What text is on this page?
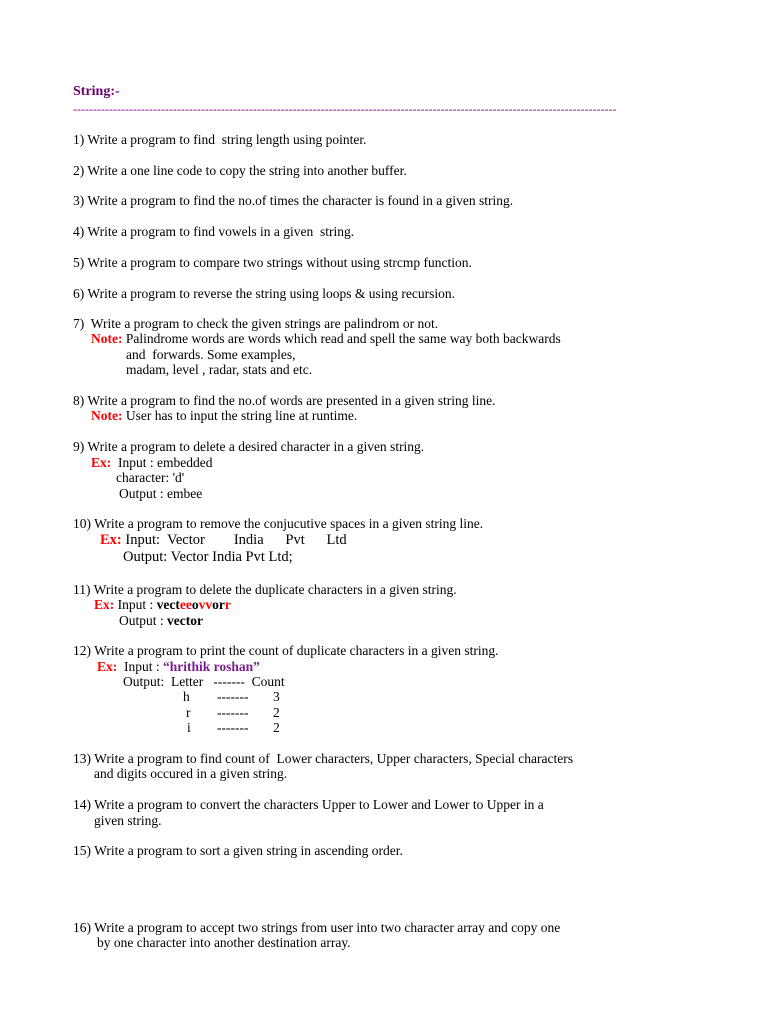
String:-
----------------------------------------------------------------------------------------------------------------------------------------
1) Write a program to find  string length using pointer.
2) Write a one line code to copy the string into another buffer.
3) Write a program to find the no.of times the character is found in a given string.
4) Write a program to find vowels in a given  string.
5) Write a program to compare two strings without using strcmp function.
6) Write a program to reverse the string using loops & using recursion.
7)  Write a program to check the given strings are palindrom or not.
Note: Palindrome words are words which read and spell the same way both backwards
and  forwards. Some examples,
madam, level , radar, stats and etc.
8) Write a program to find the no.of words are presented in a given string line.
Note: User has to input the string line at runtime.
9) Write a program to delete a desired character in a given string.
Ex:  Input : embedded
character: 'd'
Output : embee
10) Write a program to remove the conjucutive spaces in a given string line.
Ex: Input:  Vector        India      Pvt      Ltd
Output: Vector India Pvt Ltd;
11) Write a program to delete the duplicate characters in a given string.
Ex: Input : vecteeovvorr
Output : vector
12) Write a program to print the count of duplicate characters in a given string.
Ex:  Input : “hrithik roshan”
Output:  Letter   -------  Count
h ------- 3
r ------- 2
i ------- 2
13) Write a program to find count of  Lower characters, Upper characters, Special characters
and digits occured in a given string.
14) Write a program to convert the characters Upper to Lower and Lower to Upper in a
given string.
15) Write a program to sort a given string in ascending order.
16) Write a program to accept two strings from user into two character array and copy one
by one character into another destination array.
